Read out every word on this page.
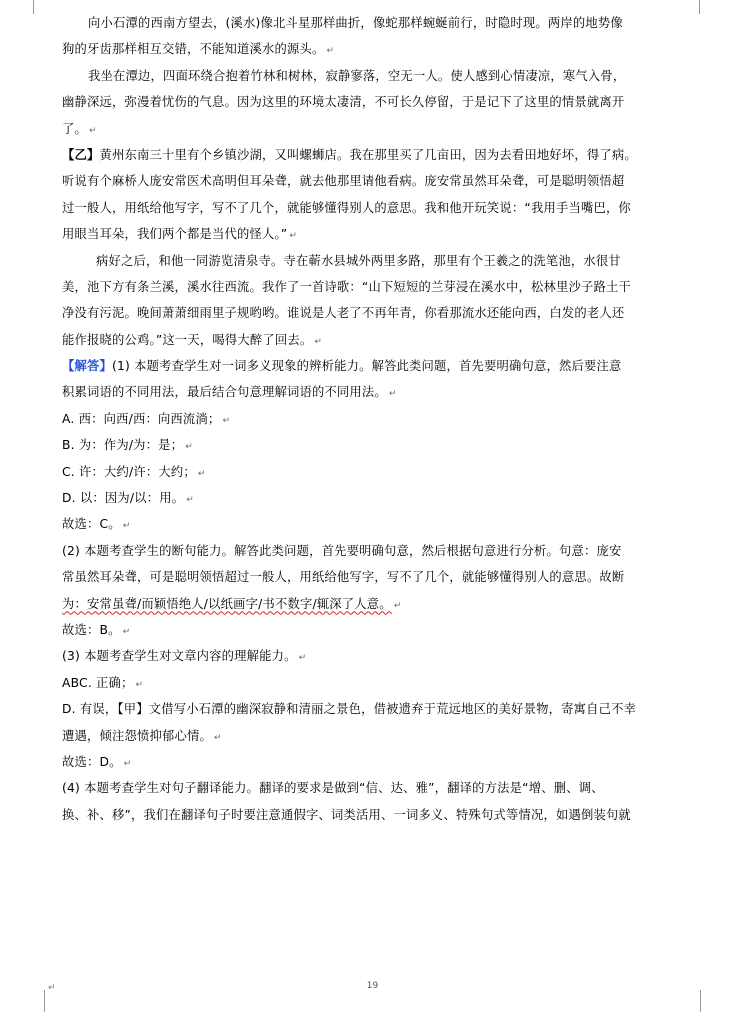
向小石潭的西南方望去，(溪水)像北斗星那样曲折，像蛇那样蜿蜒前行，时隐时现。两岸的地势像
狗的牙齿那样相互交错，不能知道溪水的源头。 ↵
我坐在潭边，四面环绕合抱着竹林和树林，寂静寥落，空无一人。使人感到心情凄凉，寒气入骨，
幽静深远，弥漫着忧伤的气息。因为这里的环境太凄清，不可长久停留，于是记下了这里的情景就离开
了。 ↵
【乙】黄州东南三十里有个乡镇沙湖，又叫螺蛳店。我在那里买了几亩田，因为去看田地好坏，得了病。
听说有个麻桥人庞安常医术高明但耳朵聋，就去他那里请他看病。庞安常虽然耳朵聋，可是聪明领悟超
过一般人，用纸给他写字，写不了几个，就能够懂得别人的意思。我和他开玩笑说：“我用手当嘴巴，你
用眼当耳朵，我们两个都是当代的怪人。” ↵
病好之后，和他一同游览清泉寺。寺在蕲水县城外两里多路，那里有个王羲之的洗笔池，水很甘
美，池下方有条兰溪，溪水往西流。我作了一首诗歌：“山下短短的兰芽浸在溪水中，松林里沙子路土干
净没有污泥。晚间萧萧细雨里子规哟哟。谁说是人老了不再年青，你看那流水还能向西，白发的老人还
能作报晓的公鸡。”这一天，喝得大醉了回去。 ↵
【解答】(1) 本题考查学生对一词多义现象的辨析能力。解答此类问题，首先要明确句意，然后要注意
积累词语的不同用法，最后结合句意理解词语的不同用法。 ↵
A. 西：向西/西：向西流淌； ↵
B. 为：作为/为：是； ↵
C. 许：大约/许：大约； ↵
D. 以：因为/以：用。 ↵
故选：C。 ↵
(2) 本题考查学生的断句能力。解答此类问题，首先要明确句意，然后根据句意进行分析。句意：庞安
常虽然耳朵聋，可是聪明领悟超过一般人，用纸给他写字，写不了几个，就能够懂得别人的意思。故断
为：安常虽聋/而颖悟绝人/以纸画字/书不数字/辄深了人意。 ↵
故选：B。 ↵
(3) 本题考查学生对文章内容的理解能力。 ↵
ABC. 正确； ↵
D. 有误，【甲】文借写小石潭的幽深寂静和清丽之景色，借被遗弃于荒远地区的美好景物，寄寓自己不幸
遭遇，倾注怨愤抑郁心情。 ↵
故选：D。 ↵
(4) 本题考查学生对句子翻译能力。翻译的要求是做到“信、达、雅”，翻译的方法是“增、删、调、
换、补、移”，我们在翻译句子时要注意通假字、词类活用、一词多义、特殊句式等情况，如遇倒装句就
↵	19
